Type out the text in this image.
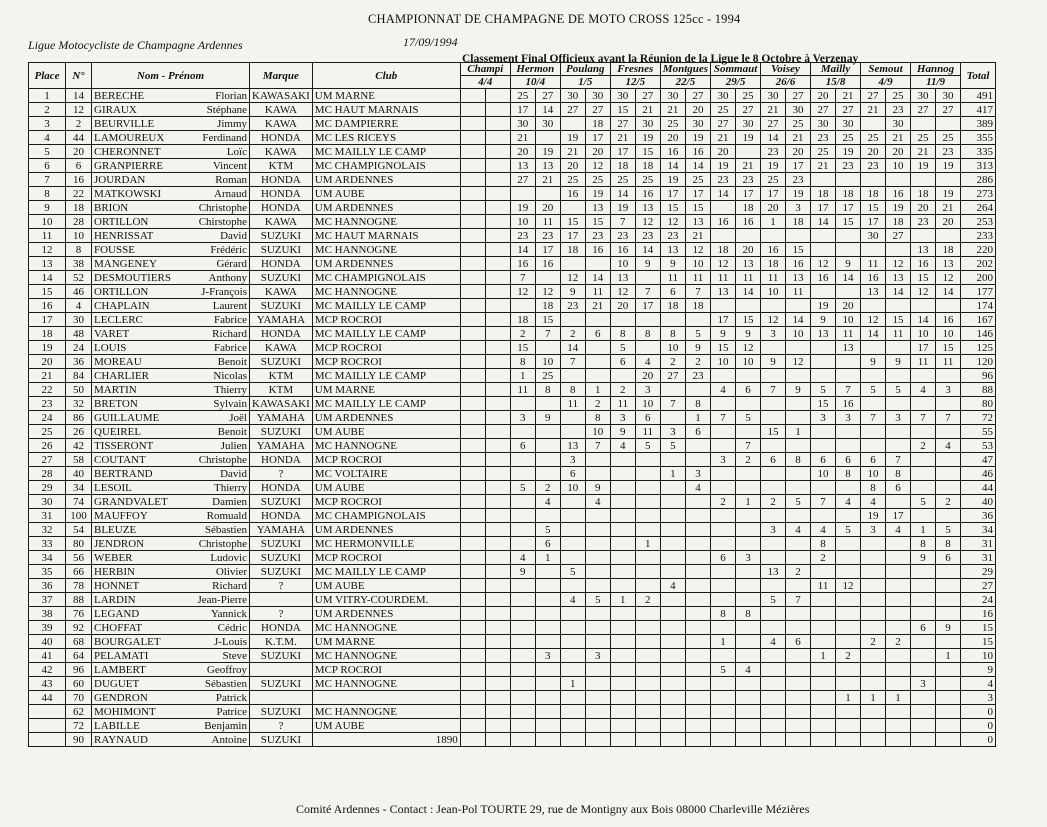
CHAMPIONNAT DE CHAMPAGNE DE MOTO CROSS 125cc - 1994
Ligue Motocycliste de Champagne Ardennes	17/09/1994
Classement Final Officieux avant la Réunion de la Ligue le 8 Octobre à Verzenay
Place	N°	Nom - Prénom	Marque	Club	Champi		Hermon		Poulang		Fresnes		Montgues		Sommaut		Voisey		Mailly		Semout		Hannog		Total
					4/4		10/4		1/5		12/5		22/5		29/5		26/6		15/8		4/9		11/9		
1	14	BERECHE Florian	KAWASAKI	UM MARNE			25	27	30	30	30	27	30	27	30	25	30	27	20	21	27	25	30	30	491
2	12	GIRAUX Stéphane	KAWA	MC HAUT MARNAIS			17	14	27	27	15	21	21	20	25	27	21	30	27	27	21	23	27	27	417
3	2	BEURVILLE Jimmy	KAWA	MC DAMPIERRE			30	30		18	27	30	25	30	27	30	27	25	30	30		30			389
4	44	LAMOUREUX Ferdinand	HONDA	MC LES RICEYS			21		19	17	21	19	20	19	21	19	14	21	23	25	25	21	25	25	355
5	20	CHERONNET Loïc	KAWA	MC MAILLY LE CAMP			20	19	21	20	17	15	16	16	20		23	20	25	19	20	20	21	23	335
6	6	GRANPIERRE Vincent	KTM	MC CHAMPIGNOLAIS			13	13	20	12	18	18	14	14	19	21	19	17	21	23	23	10	19	19	313
7	16	JOURDAN Roman	HONDA	UM ARDENNES			27	21	25	25	25	25	19	25	23	23	25	23							286
8	22	MATKOWSKI Arnaud	HONDA	UM AUBE					16	19	14	16	17	17	14	17	17	19	18	18	18	16	18	19	273
9	18	BRION Christophe	HONDA	UM ARDENNES			19	20		13	19	13	15	15		18	20	3	17	17	15	19	20	21	264
10	28	ORTILLON Chirstophe	KAWA	MC HANNOGNE			10	11	15	15	7	12	12	13	16	16	1	18	14	15	17	18	23	20	253
11	10	HENRISSAT David	SUZUKI	MC HAUT MARNAIS			23	23	17	23	23	23	23	21							30	27			233
12	8	FOUSSE Frédéric	SUZUKI	MC HANNOGNE			14	17	18	16	16	14	13	12	18	20	16	15					13	18	220
13	38	MANGENEY Gérard	HONDA	UM ARDENNES			16	16			10	9	9	10	12	13	18	16	12	9	11	12	16	13	202
14	52	DESMOUTIERS Anthony	SUZUKI	MC CHAMPIGNOLAIS			7		12	14	13		11	11	11	11	11	13	16	14	16	13	15	12	200
15	46	ORTILLON J-François	KAWA	MC HANNOGNE			12	12	9	11	12	7	6	7	13	14	10	11			13	14	12	14	177
16	4	CHAPLAIN Laurent	SUZUKI	MC MAILLY LE CAMP				18	23	21	20	17	18	18					19	20					174
17	30	LECLERC Fabrice	YAMAHA	MCP ROCROI			18	15							17	15	12	14	9	10	12	15	14	16	167
18	48	VARET Richard	HONDA	MC MAILLY LE CAMP			2	7	2	6	8	8	8	5	9	9	3	10	13	11	14	11	10	10	146
19	24	LOUIS Fabrice	KAWA	MCP ROCROI			15		14		5		10	9	15	12				13			17	15	125
20	36	MOREAU Benoit	SUZUKI	MCP ROCROI			8	10	7		6	4	2	2	10	10	9	12			9	9	11	11	120
21	84	CHARLIER Nicolas	KTM	MC MAILLY LE CAMP			1	25				20	27	23											96
22	50	MARTIN Thierry	KTM	UM MARNE			11	8	8	1	2	3			4	6	7	9	5	7	5	5	4	3	88
23	32	BRETON Sylvain	KAWASAKI	MC MAILLY LE CAMP					11	2	11	10	7	8					15	16					80
24	86	GUILLAUME Joël	YAMAHA	UM ARDENNES			3	9		8	3	6		1	7	5			3	3	7	3	7	7	72
25	26	QUEIREL Benoit	SUZUKI	UM AUBE						10	9	11	3	6			15	1							55
26	42	TISSERONT Julien	YAMAHA	MC HANNOGNE			6		13	7	4	5	5			7							2	4	53
27	58	COUTANT Christophe	HONDA	MCP ROCROI					3						3	2	6	8	6	6	6	7			47
28	40	BERTRAND David	?	MC VOLTAIRE					6				1	3					10	8	10	8			46
29	34	LESOIL Thierry	HONDA	UM AUBE			5	2	10	9				4							8	6			44
30	74	GRANDVALET Damien	SUZUKI	MCP ROCROI				4		4					2	1	2	5	7	4	4		5	2	40
31	100	MAUFFOY Romuald	HONDA	MC CHAMPIGNOLAIS																	19	17			36
32	54	BLEUZE Sébastien	YAMAHA	UM ARDENNES				5									3	4	4	5	3	4	1	5	34
33	80	JENDRON Christophe	SUZUKI	MC HERMONVILLE				6				1							8				8	8	31
34	56	WEBER Ludovic	SUZUKI	MCP ROCROI			4	1							6	3			2				9	6	31
35	66	HERBIN Olivier	SUZUKI	MC MAILLY LE CAMP			9		5								13	2							29
36	78	HONNET Richard	?	UM AUBE									4						11	12					27
37	88	LARDIN Jean-Pierre		UM VITRY-COURDEM.					4	5	1	2					5	7							24
38	76	LEGAND Yannick	?	UM ARDENNES											8	8									16
39	92	CHOFFAT Cédric	HONDA	MC HANNOGNE																			6	9	15
40	68	BOURGALET J-Louis	K.T.M.	UM MARNE											1		4	6			2	2			15
41	64	PELAMATI Steve	SUZUKI	MC HANNOGNE				3		3									1	2				1	10
42	96	LAMBERT Geoffroy		MCP ROCROI											5	4									9
43	60	DUGUET Sébastien	SUZUKI	MC HANNOGNE					1														3		4
44	70	GENDRON Patrick																		1	1	1			3
	62	MOHIMONT Patrice	SUZUKI	MC HANNOGNE																					0
	72	LABILLE Benjamin	?	UM AUBE																					0
	90	RAYNAUD Antoine	SUZUKI	1890																					0
Comité Ardennes - Contact : Jean-Pol TOURTE 29, rue de Montigny aux Bois 08000 Charleville Mézières
